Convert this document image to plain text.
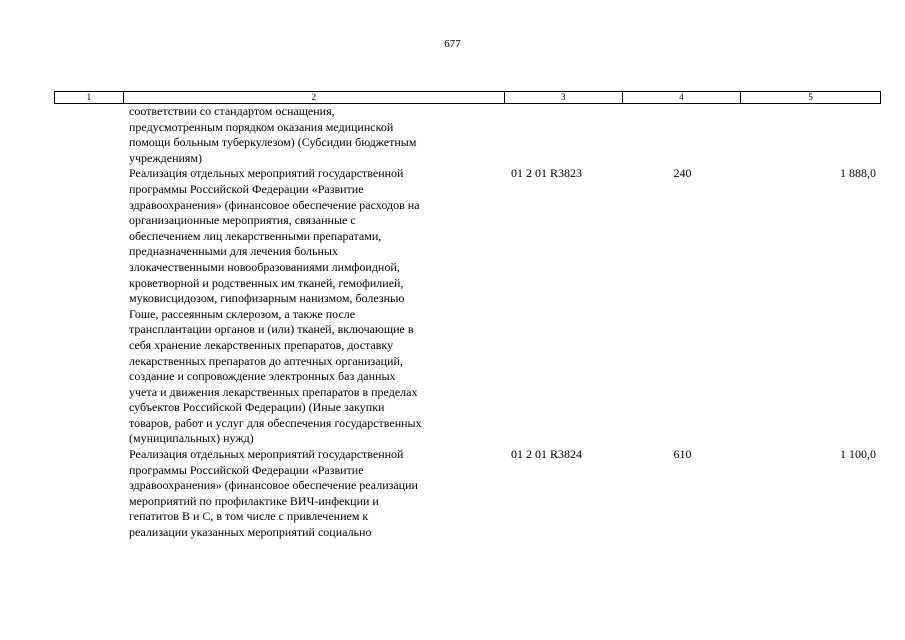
677
1	2	3	4	5
соответствии со стандартом оснащения,
предусмотренным порядком оказания медицинской
помощи больным туберкулезом) (Субсидии бюджетным
учреждениям)
Реализация отдельных мероприятий государственной
программы Российской Федерации «Развитие
здравоохранения» (финансовое обеспечение расходов на
организационные мероприятия, связанные с
обеспечением лиц лекарственными препаратами,
предназначенными для лечения больных
злокачественными новообразованиями лимфоидной,
кроветворной и родственных им тканей, гемофилией,
муковисцидозом, гипофизарным нанизмом, болезнью
Гоше, рассеянным склерозом, а также после
трансплантации органов и (или) тканей, включающие в
себя хранение лекарственных препаратов, доставку
лекарственных препаратов до аптечных организаций,
создание и сопровождение электронных баз данных
учета и движения лекарственных препаратов в пределах
субъектов Российской Федерации) (Иные закупки
товаров, работ и услуг для обеспечения государственных
(муниципальных) нужд)
01 2 01 R3823	240	1 888,0
Реализация отдельных мероприятий государственной
программы Российской Федерации «Развитие
здравоохранения» (финансовое обеспечение реализации
мероприятий по профилактике ВИЧ-инфекции и
гепатитов В и С, в том числе с привлечением к
реализации указанных мероприятий социально
01 2 01 R3824	610	1 100,0
